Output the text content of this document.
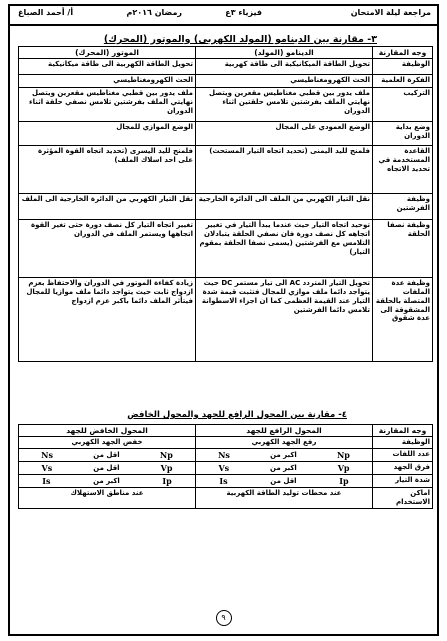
مراجعة ليلة الامتحان
فيزياء ٣ع
رمضان ٢٠١٦م
أ/ أحمد الصباغ
٣- مقارنة بين الدينامو (المولد الكهربي) والموتور (المحرك)
وجه المقارنة	الدينامو (المولد)	الموتور (المحرك)
الوظيفة	تحويل الطاقة الميكانيكية الى طاقة كهربية	تحويل الطاقة الكهربية الى طاقة ميكانيكية
الفكرة العلمية	الحث الكهرومغناطيسي	الحث الكهرومغناطيسي
التركيب	ملف يدور بين قطبي مغناطيس مقعرين ويتصل نهايتي الملف بفرشتين تلامس حلقتين اثناء الدوران	ملف يدور بين قطبي مغناطيس مقعرين ويتصل نهايتي الملف بفرشتين تلامس نصفي حلقة اثناء الدوران
وضع بداية الدوران	الوضع العمودي على المجال	الوضع الموازي للمجال
القاعدة المستخدمة في تحديد الاتجاه	فلمنج لليد اليمنى (تحديد اتجاه التيار المستحث)	فلمنج لليد اليسرى (تحديد اتجاه القوة المؤثرة على احد اسلاك الملف)
وظيفة الفرشتين	نقل التيار الكهربي من الملف الى الدائرة الخارجية	نقل التيار الكهربي من الدائرة الخارجية الى الملف
وظيفة نصفا الحلقة	توحيد اتجاه التيار حيث عندما يبدأ التيار في تغيير اتجاهه كل نصف دورة فان نصفي الحلقة يتبادلان التلامس مع الفرشتين (يسمى نصفا الحلقة بمقوم التيار)	تغيير اتجاه التيار كل نصف دورة حتى تغير القوة اتجاهها ويستمر الملف في الدوران
وظيفة عدة الملفات المتصلة بالحلقة المشقوقة الى عدة شقوق	تحويل التيار المتردد AC الى تيار مستمر DC حيث يتواجد دائما ملف موازي للمجال فتثبت قيمة شدة التيار عند القيمة العظمى كما ان اجزاء الاسطوانة تلامس دائما الفرشتين	زيادة كفاءة الموتور في الدوران والاحتفاظ بعزم ازدواج ثابت حيث يتواجد دائما ملف موازيا للمجال فيتأثر الملف دائما باكبر عزم ازدواج
٤- مقارنة بين المحول الرافع للجهد والمحول الخافض
وجه المقارنة	المحول الرافع للجهد	المحول الخافض للجهد
الوظيفة	رفع الجهد الكهربي	خفض الجهد الكهربي
عدد اللفات	Ns اكبر من Np	Ns اقل من Np

فرق الجهد	Vs اكبر من Vp	Vs اقل من Vp

شدة التيار	Is اقل من Ip	Is اكبر من Ip

اماكن الاستخدام	عند محطات توليد الطاقة الكهربية	عند مناطق الاستهلاك
٩
